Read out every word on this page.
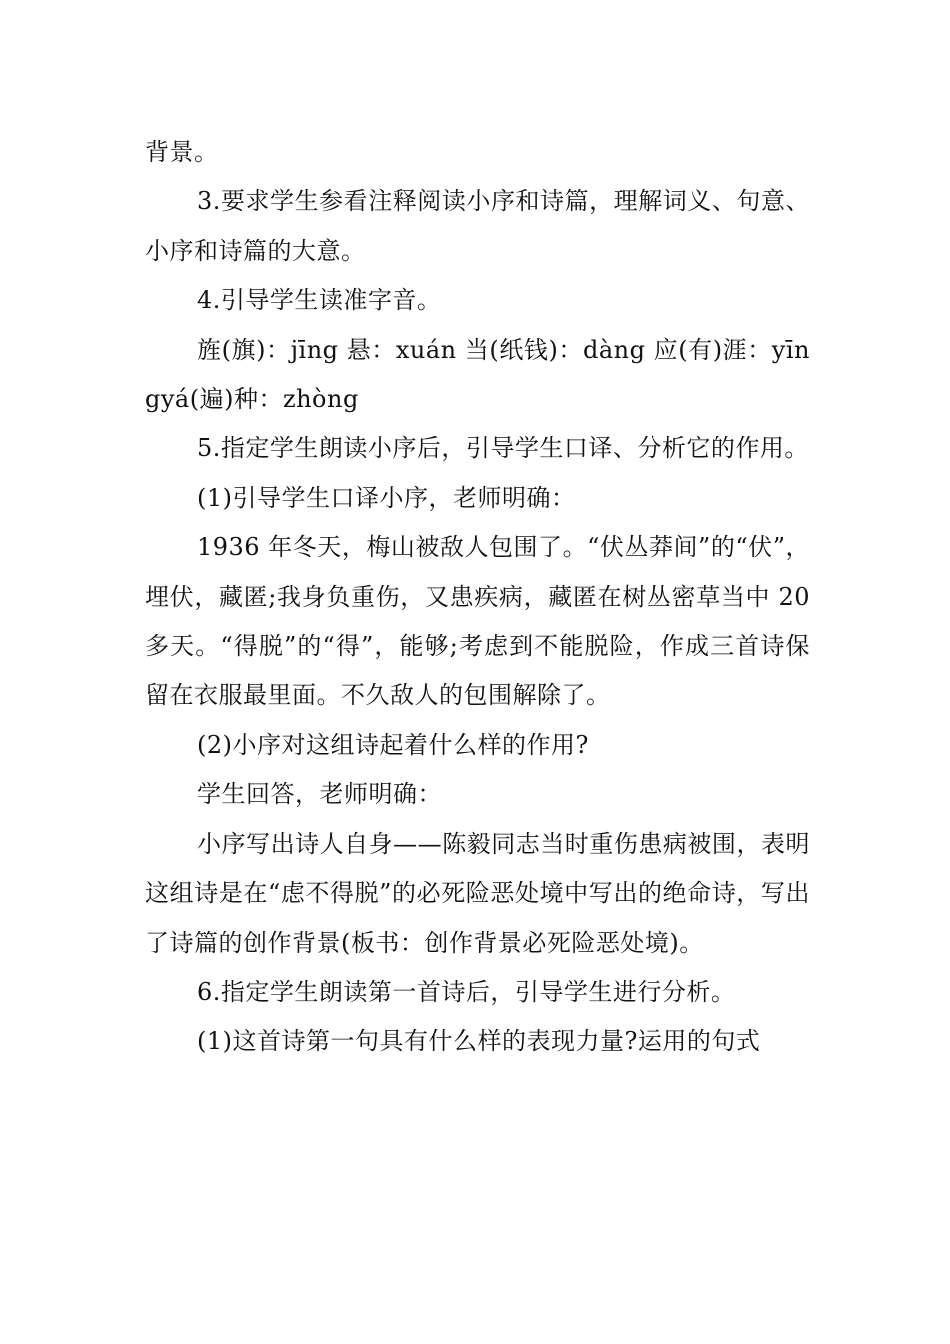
背景。

3.要求学生参看注释阅读小序和诗篇，理解词义、句意、小序和诗篇的大意。

4.引导学生读准字音。

旌(旗)：jīng 悬：xuán 当(纸钱)：dàng 应(有)涯：yīngyá(遍)种：zhòng

5.指定学生朗读小序后，引导学生口译、分析它的作用。

(1)引导学生口译小序，老师明确：

1936 年冬天，梅山被敌人包围了。“伏丛莽间”的“伏”，埋伏，藏匿;我身负重伤，又患疾病，藏匿在树丛密草当中 20 多天。“得脱”的“得”，能够;考虑到不能脱险，作成三首诗保留在衣服最里面。不久敌人的包围解除了。

(2)小序对这组诗起着什么样的作用?

学生回答，老师明确：

小序写出诗人自身——陈毅同志当时重伤患病被围，表明这组诗是在“虑不得脱”的必死险恶处境中写出的绝命诗，写出了诗篇的创作背景(板书：创作背景必死险恶处境)。

6.指定学生朗读第一首诗后，引导学生进行分析。

(1)这首诗第一句具有什么样的表现力量?运用的句式
